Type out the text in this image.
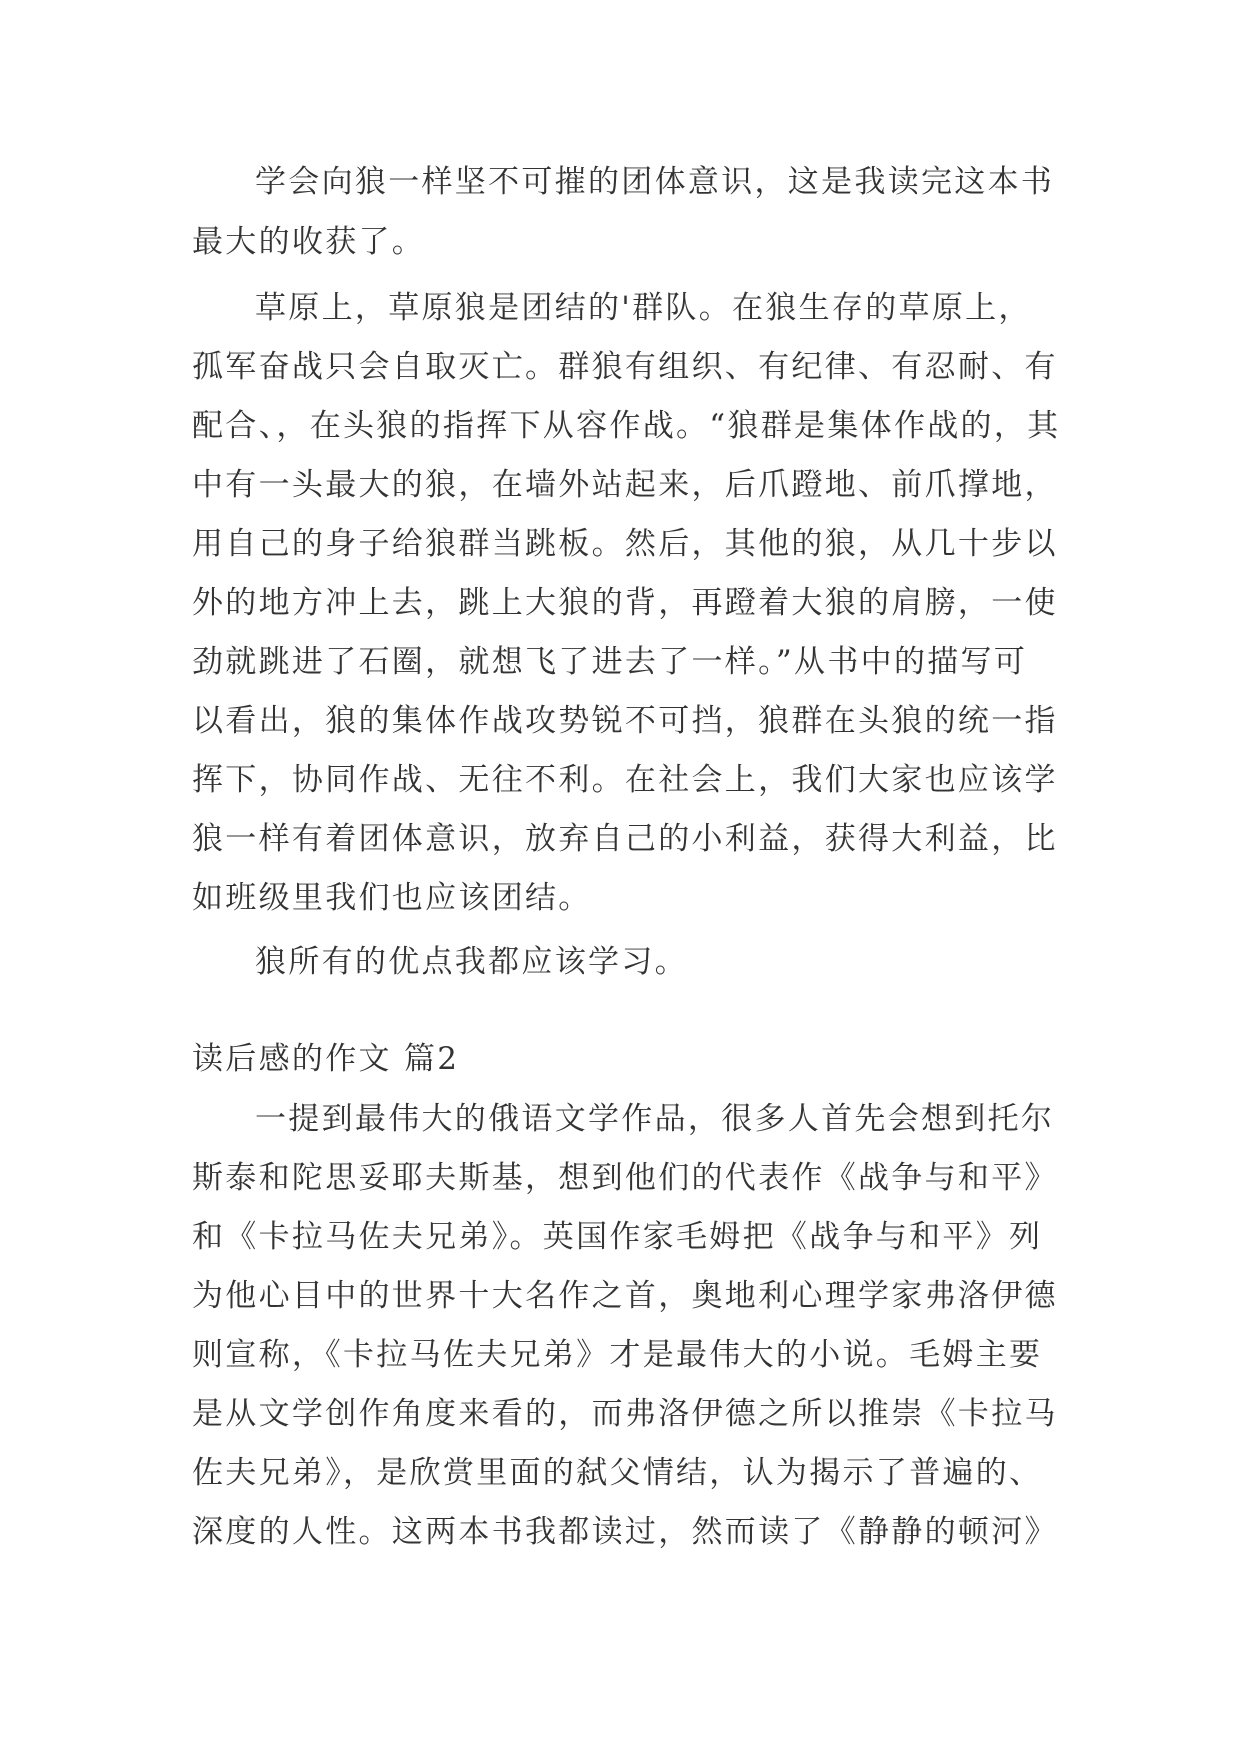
学会向狼一样坚不可摧的团体意识，这是我读完这本书
最大的收获了。
草原上，草原狼是团结的'群队。在狼生存的草原上，
孤军奋战只会自取灭亡。群狼有组织、有纪律、有忍耐、有
配合、，在头狼的指挥下从容作战。“狼群是集体作战的，其
中有一头最大的狼，在墙外站起来，后爪蹬地、前爪撑地，
用自己的身子给狼群当跳板。然后，其他的狼，从几十步以
外的地方冲上去，跳上大狼的背，再蹬着大狼的肩膀，一使
劲就跳进了石圈，就想飞了进去了一样。”从书中的描写可
以看出，狼的集体作战攻势锐不可挡，狼群在头狼的统一指
挥下，协同作战、无往不利。在社会上，我们大家也应该学
狼一样有着团体意识，放弃自己的小利益，获得大利益，比
如班级里我们也应该团结。
狼所有的优点我都应该学习。
读后感的作文 篇2
一提到最伟大的俄语文学作品，很多人首先会想到托尔
斯泰和陀思妥耶夫斯基，想到他们的代表作《战争与和平》
和《卡拉马佐夫兄弟》。英国作家毛姆把《战争与和平》列
为他心目中的世界十大名作之首，奥地利心理学家弗洛伊德
则宣称，《卡拉马佐夫兄弟》才是最伟大的小说。毛姆主要
是从文学创作角度来看的，而弗洛伊德之所以推崇《卡拉马
佐夫兄弟》，是欣赏里面的弑父情结，认为揭示了普遍的、
深度的人性。这两本书我都读过，然而读了《静静的顿河》
